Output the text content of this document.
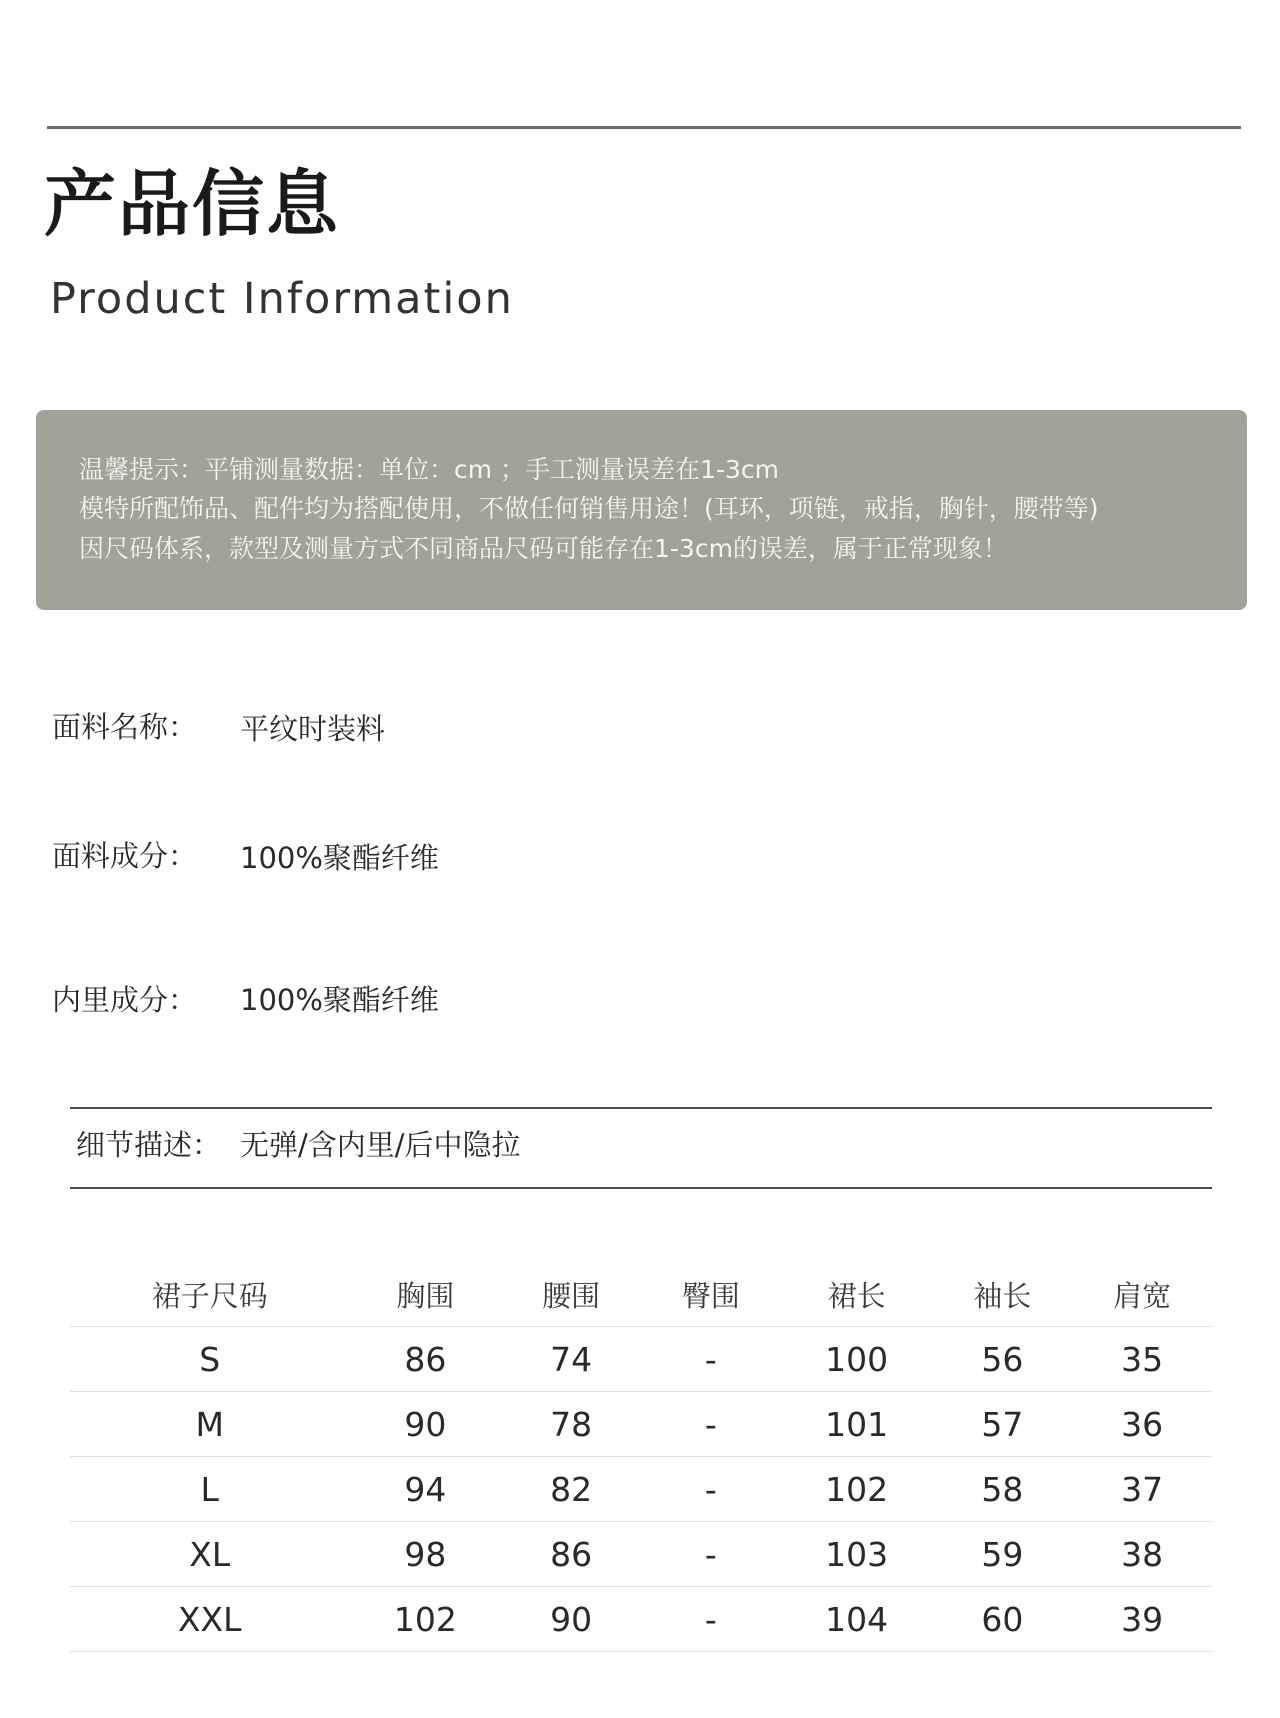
产品信息
Product Information
温馨提示：平铺测量数据：单位：cm ；手工测量误差在1-3cm
模特所配饰品、配件均为搭配使用，不做任何销售用途！(耳环，项链，戒指，胸针，腰带等)
因尺码体系，款型及测量方式不同商品尺码可能存在1-3cm的误差，属于正常现象！
面料名称： 平纹时装料
面料成分： 100%聚酯纤维
内里成分： 100%聚酯纤维
细节描述： 无弹/含内里/后中隐拉
裙子尺码	胸围	腰围	臀围	裙长	袖长	肩宽
S	86	74	-	100	56	35
M	90	78	-	101	57	36
L	94	82	-	102	58	37
XL	98	86	-	103	59	38
XXL	102	90	-	104	60	39
